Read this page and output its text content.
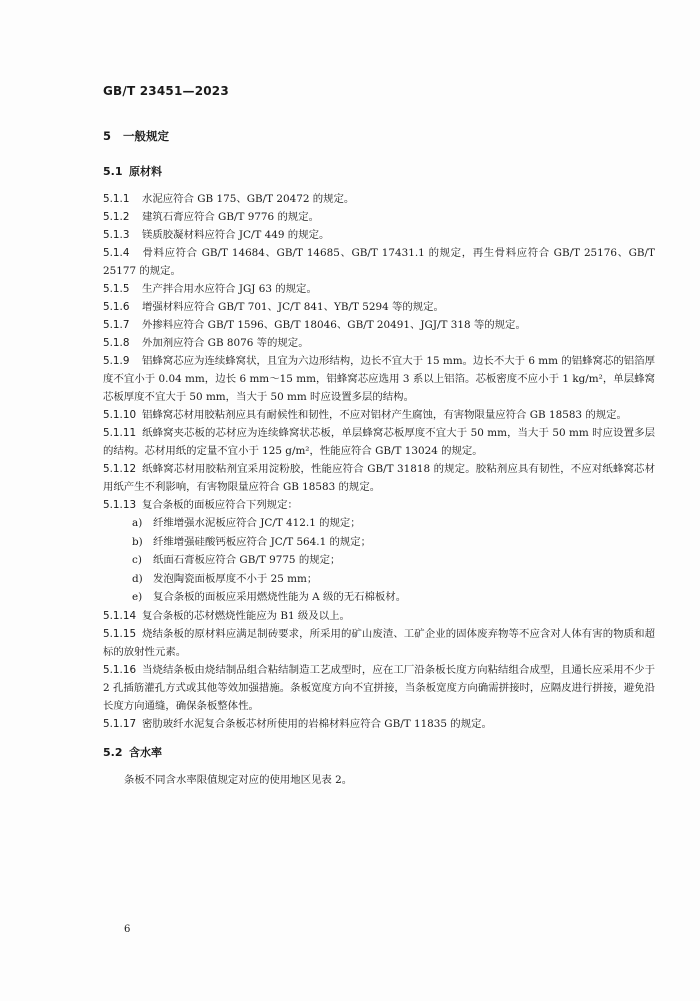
GB/T 23451—2023
5 一般规定
5.1 原材料

5.1.1 水泥应符合 GB 175、GB/T 20472 的规定。

5.1.2 建筑石膏应符合 GB/T 9776 的规定。

5.1.3 镁质胶凝材料应符合 JC/T 449 的规定。

5.1.4 骨料应符合 GB/T 14684、GB/T 14685、GB/T 17431.1 的规定，再生骨料应符合 GB/T 25176、GB/T 25177 的规定。

5.1.5 生产拌合用水应符合 JGJ 63 的规定。

5.1.6 增强材料应符合 GB/T 701、JC/T 841、YB/T 5294 等的规定。

5.1.7 外掺料应符合 GB/T 1596、GB/T 18046、GB/T 20491、JGJ/T 318 等的规定。

5.1.8 外加剂应符合 GB 8076 等的规定。

5.1.9 铝蜂窝芯应为连续蜂窝状，且宜为六边形结构，边长不宜大于 15 mm。边长不大于 6 mm 的铝蜂窝芯的铝箔厚度不宜小于 0.04 mm，边长 6 mm～15 mm，铝蜂窝芯应选用 3 系以上铝箔。芯板密度不应小于 1 kg/m²，单层蜂窝芯板厚度不宜大于 50 mm，当大于 50 mm 时应设置多层的结构。

5.1.10 铝蜂窝芯材用胶粘剂应具有耐候性和韧性，不应对铝材产生腐蚀，有害物限量应符合 GB 18583 的规定。

5.1.11 纸蜂窝夹芯板的芯材应为连续蜂窝状芯板，单层蜂窝芯板厚度不宜大于 50 mm，当大于 50 mm 时应设置多层的结构。芯材用纸的定量不宜小于 125 g/m²，性能应符合 GB/T 13024 的规定。

5.1.12 纸蜂窝芯材用胶粘剂宜采用淀粉胶，性能应符合 GB/T 31818 的规定。胶粘剂应具有韧性，不应对纸蜂窝芯材用纸产生不利影响，有害物限量应符合 GB 18583 的规定。

5.1.13 复合条板的面板应符合下列规定：

a) 纤维增强水泥板应符合 JC/T 412.1 的规定；

b) 纤维增强硅酸钙板应符合 JC/T 564.1 的规定；

c) 纸面石膏板应符合 GB/T 9775 的规定；

d) 发泡陶瓷面板厚度不小于 25 mm；

e) 复合条板的面板应采用燃烧性能为 A 级的无石棉板材。

5.1.14 复合条板的芯材燃烧性能应为 B1 级及以上。

5.1.15 烧结条板的原材料应满足制砖要求，所采用的矿山废渣、工矿企业的固体废弃物等不应含对人体有害的物质和超标的放射性元素。

5.1.16 当烧结条板由烧结制品组合粘结制造工艺成型时，应在工厂沿条板长度方向粘结组合成型，且通长应采用不少于 2 孔插筋灌孔方式或其他等效加强措施。条板宽度方向不宜拼接，当条板宽度方向确需拼接时，应隔皮进行拼接，避免沿长度方向通缝，确保条板整体性。

5.1.17 密肋玻纤水泥复合条板芯材所使用的岩棉材料应符合 GB/T 11835 的规定。

5.2 含水率

条板不同含水率限值规定对应的使用地区见表 2。

6
